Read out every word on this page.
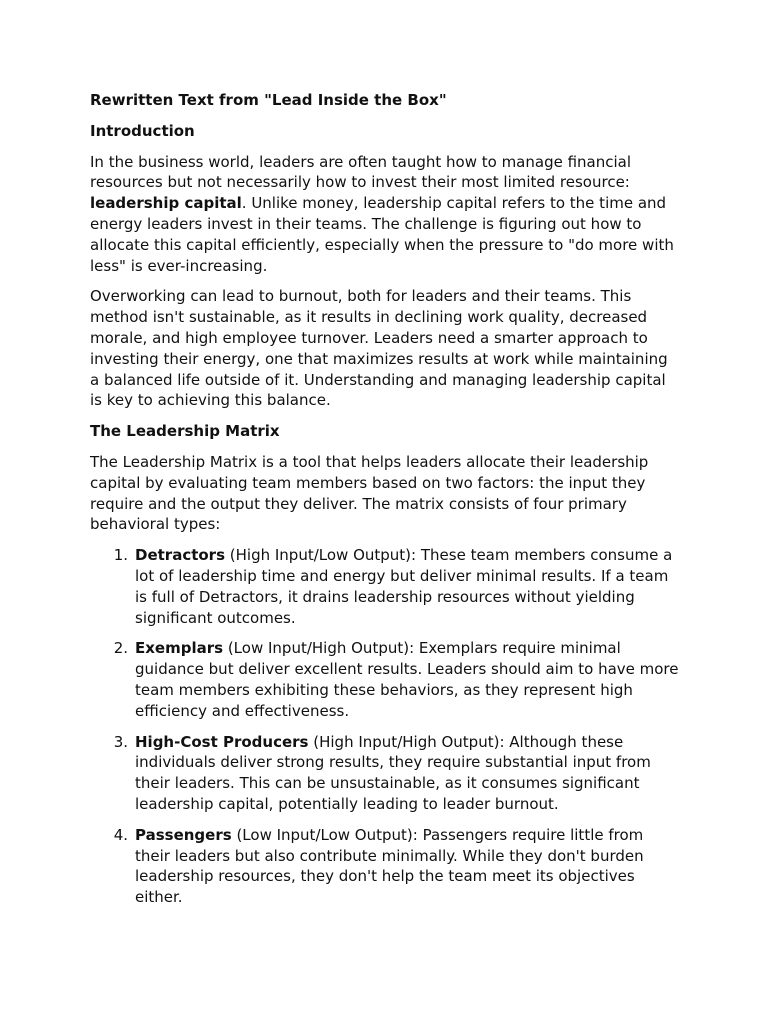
Rewritten Text from "Lead Inside the Box"

Introduction

In the business world, leaders are often taught how to manage financial resources but not necessarily how to invest their most limited resource: leadership capital. Unlike money, leadership capital refers to the time and energy leaders invest in their teams. The challenge is figuring out how to allocate this capital efficiently, especially when the pressure to "do more with less" is ever-increasing.

Overworking can lead to burnout, both for leaders and their teams. This method isn't sustainable, as it results in declining work quality, decreased morale, and high employee turnover. Leaders need a smarter approach to investing their energy, one that maximizes results at work while maintaining a balanced life outside of it. Understanding and managing leadership capital is key to achieving this balance.

The Leadership Matrix

The Leadership Matrix is a tool that helps leaders allocate their leadership capital by evaluating team members based on two factors: the input they require and the output they deliver. The matrix consists of four primary behavioral types:

1. Detractors (High Input/Low Output): These team members consume a lot of leadership time and energy but deliver minimal results. If a team is full of Detractors, it drains leadership resources without yielding significant outcomes.
2. Exemplars (Low Input/High Output): Exemplars require minimal guidance but deliver excellent results. Leaders should aim to have more team members exhibiting these behaviors, as they represent high efficiency and effectiveness.
3. High-Cost Producers (High Input/High Output): Although these individuals deliver strong results, they require substantial input from their leaders. This can be unsustainable, as it consumes significant leadership capital, potentially leading to leader burnout.
4. Passengers (Low Input/Low Output): Passengers require little from their leaders but also contribute minimally. While they don't burden leadership resources, they don't help the team meet its objectives either.
